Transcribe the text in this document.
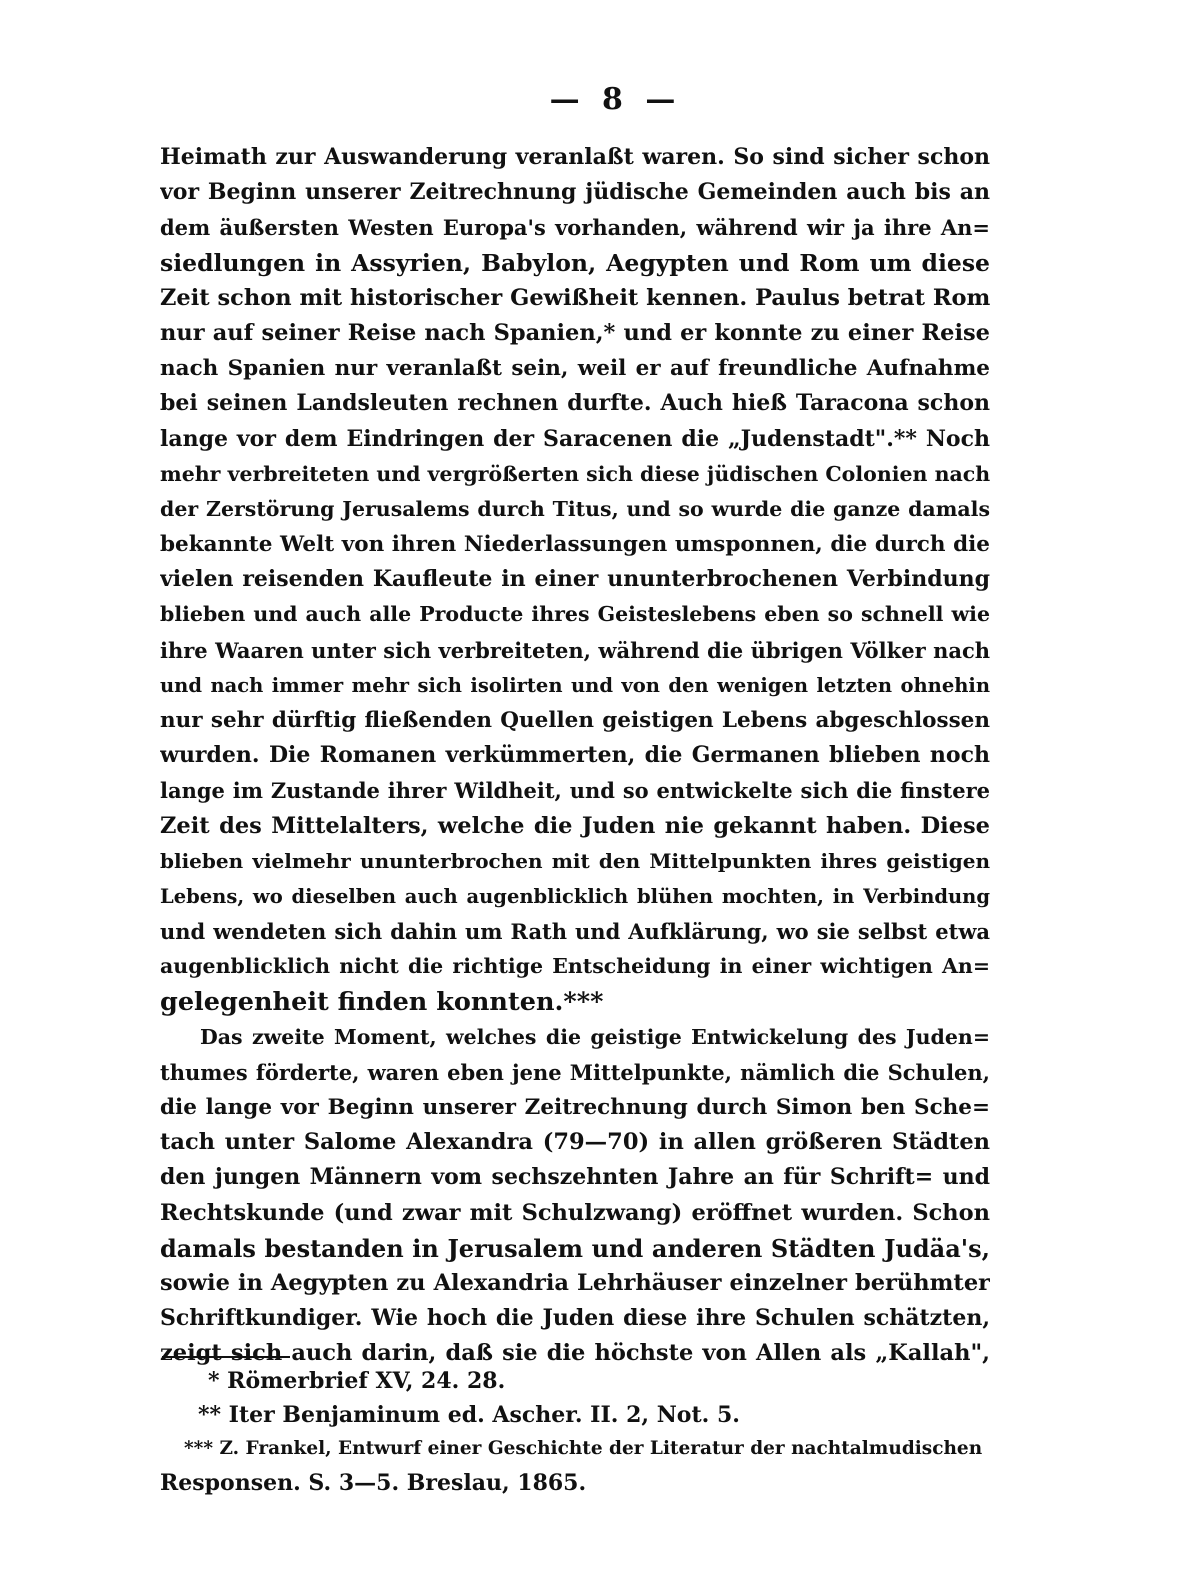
— 8 —
Heimath zur Auswanderung veranlaßt waren. So sind sicher schon
vor Beginn unserer Zeitrechnung jüdische Gemeinden auch bis an
dem äußersten Westen Europa's vorhanden, während wir ja ihre An=
siedlungen in Assyrien, Babylon, Aegypten und Rom um diese
Zeit schon mit historischer Gewißheit kennen. Paulus betrat Rom
nur auf seiner Reise nach Spanien,* und er konnte zu einer Reise
nach Spanien nur veranlaßt sein, weil er auf freundliche Aufnahme
bei seinen Landsleuten rechnen durfte. Auch hieß Taracona schon
lange vor dem Eindringen der Saracenen die „Judenstadt".** Noch
mehr verbreiteten und vergrößerten sich diese jüdischen Colonien nach
der Zerstörung Jerusalems durch Titus, und so wurde die ganze damals
bekannte Welt von ihren Niederlassungen umsponnen, die durch die
vielen reisenden Kaufleute in einer ununterbrochenen Verbindung
blieben und auch alle Producte ihres Geisteslebens eben so schnell wie
ihre Waaren unter sich verbreiteten, während die übrigen Völker nach
und nach immer mehr sich isolirten und von den wenigen letzten ohnehin
nur sehr dürftig fließenden Quellen geistigen Lebens abgeschlossen
wurden. Die Romanen verkümmerten, die Germanen blieben noch
lange im Zustande ihrer Wildheit, und so entwickelte sich die finstere
Zeit des Mittelalters, welche die Juden nie gekannt haben. Diese
blieben vielmehr ununterbrochen mit den Mittelpunkten ihres geistigen
Lebens, wo dieselben auch augenblicklich blühen mochten, in Verbindung
und wendeten sich dahin um Rath und Aufklärung, wo sie selbst etwa
augenblicklich nicht die richtige Entscheidung in einer wichtigen An=
gelegenheit finden konnten.***
Das zweite Moment, welches die geistige Entwickelung des Juden=
thumes förderte, waren eben jene Mittelpunkte, nämlich die Schulen,
die lange vor Beginn unserer Zeitrechnung durch Simon ben Sche=
tach unter Salome Alexandra (79—70) in allen größeren Städten
den jungen Männern vom sechszehnten Jahre an für Schrift= und
Rechtskunde (und zwar mit Schulzwang) eröffnet wurden. Schon
damals bestanden in Jerusalem und anderen Städten Judäa's,
sowie in Aegypten zu Alexandria Lehrhäuser einzelner berühmter
Schriftkundiger. Wie hoch die Juden diese ihre Schulen schätzten,
zeigt sich auch darin, daß sie die höchste von Allen als „Kallah",
* Römerbrief XV, 24. 28.
** Iter Benjaminum ed. Ascher. II. 2, Not. 5.
*** Z. Frankel, Entwurf einer Geschichte der Literatur der nachtalmudischen
Responsen. S. 3—5. Breslau, 1865.
